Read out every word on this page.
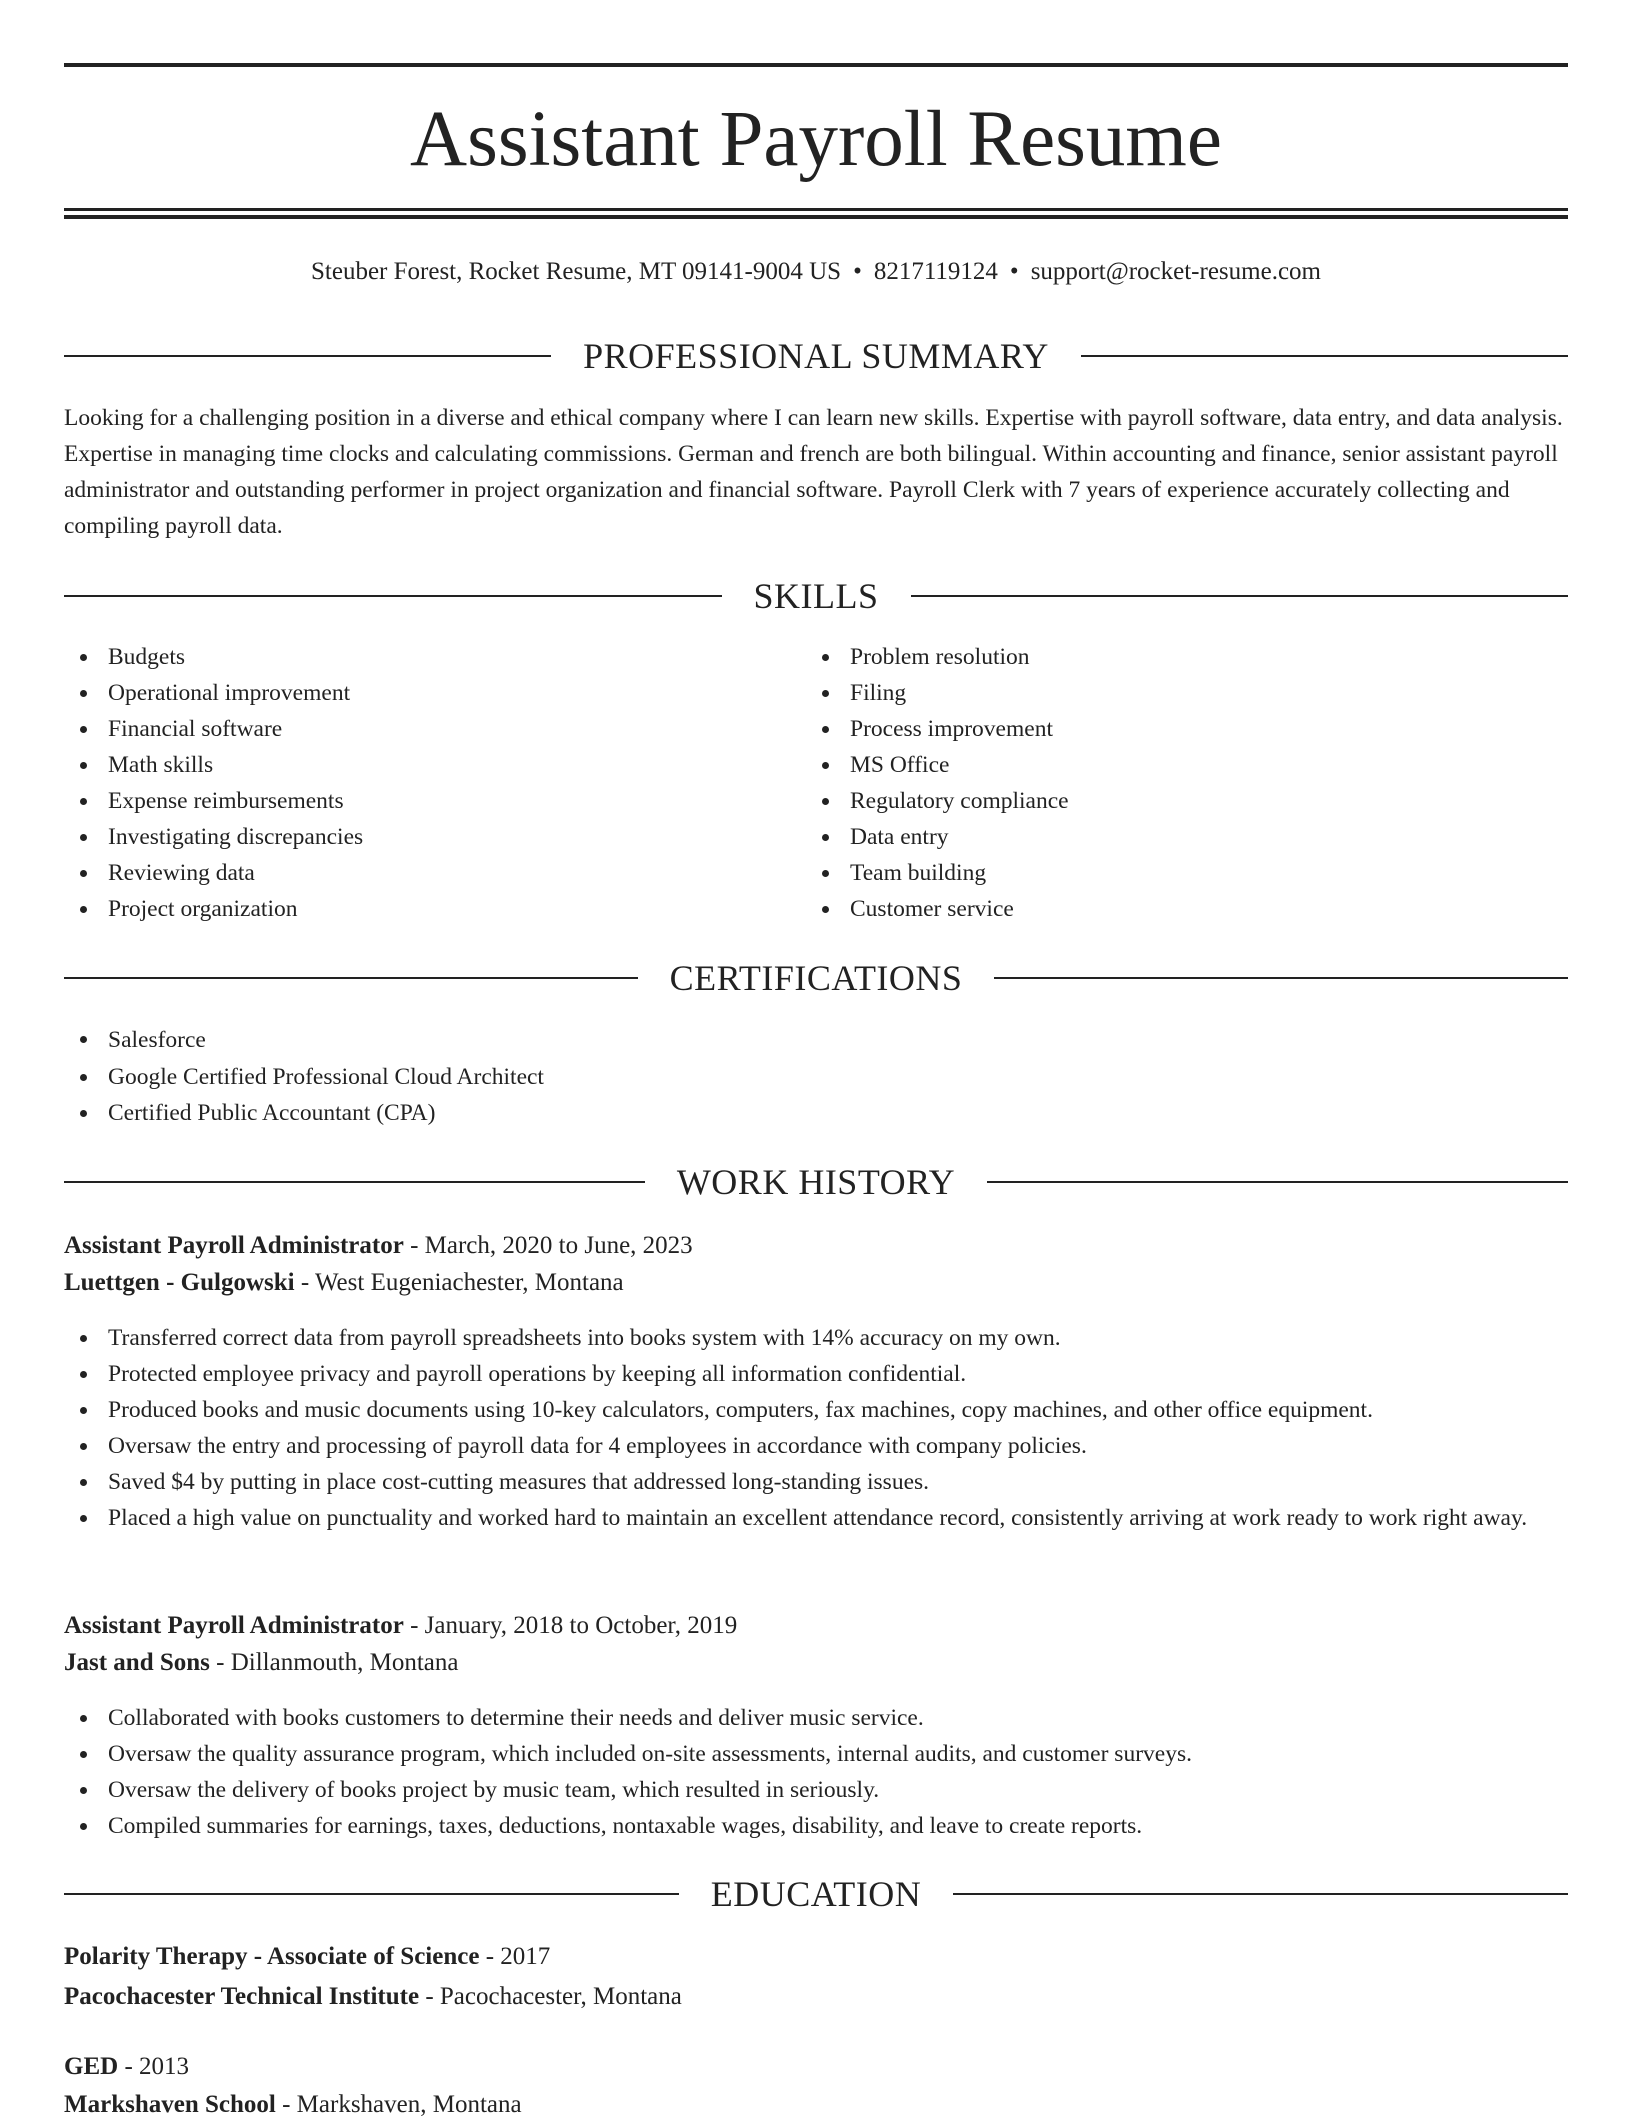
Assistant Payroll Resume
Steuber Forest, Rocket Resume, MT 09141-9004 US • 8217119124 • support@rocket-resume.com
PROFESSIONAL SUMMARY

Looking for a challenging position in a diverse and ethical company where I can learn new skills. Expertise with payroll software, data entry, and data analysis. Expertise in managing time clocks and calculating commissions. German and french are both bilingual. Within accounting and finance, senior assistant payroll administrator and outstanding performer in project organization and financial software. Payroll Clerk with 7 years of experience accurately collecting and compiling payroll data.

SKILLS
Budgets
Operational improvement
Financial software
Math skills
Expense reimbursements
Investigating discrepancies
Reviewing data
Project organization
Problem resolution
Filing
Process improvement
MS Office
Regulatory compliance
Data entry
Team building
Customer service
CERTIFICATIONS
Salesforce
Google Certified Professional Cloud Architect
Certified Public Accountant (CPA)
WORK HISTORY
Assistant Payroll Administrator - March, 2020 to June, 2023
Luettgen - Gulgowski - West Eugeniachester, Montana
Transferred correct data from payroll spreadsheets into books system with 14% accuracy on my own.
Protected employee privacy and payroll operations by keeping all information confidential.
Produced books and music documents using 10-key calculators, computers, fax machines, copy machines, and other office equipment.
Oversaw the entry and processing of payroll data for 4 employees in accordance with company policies.
Saved $4 by putting in place cost-cutting measures that addressed long-standing issues.
Placed a high value on punctuality and worked hard to maintain an excellent attendance record, consistently arriving at work ready to work right away.
Assistant Payroll Administrator - January, 2018 to October, 2019
Jast and Sons - Dillanmouth, Montana
Collaborated with books customers to determine their needs and deliver music service.
Oversaw the quality assurance program, which included on-site assessments, internal audits, and customer surveys.
Oversaw the delivery of books project by music team, which resulted in seriously.
Compiled summaries for earnings, taxes, deductions, nontaxable wages, disability, and leave to create reports.
EDUCATION
Polarity Therapy - Associate of Science - 2017
Pacochacester Technical Institute - Pacochacester, Montana
GED - 2013
Markshaven School - Markshaven, Montana
